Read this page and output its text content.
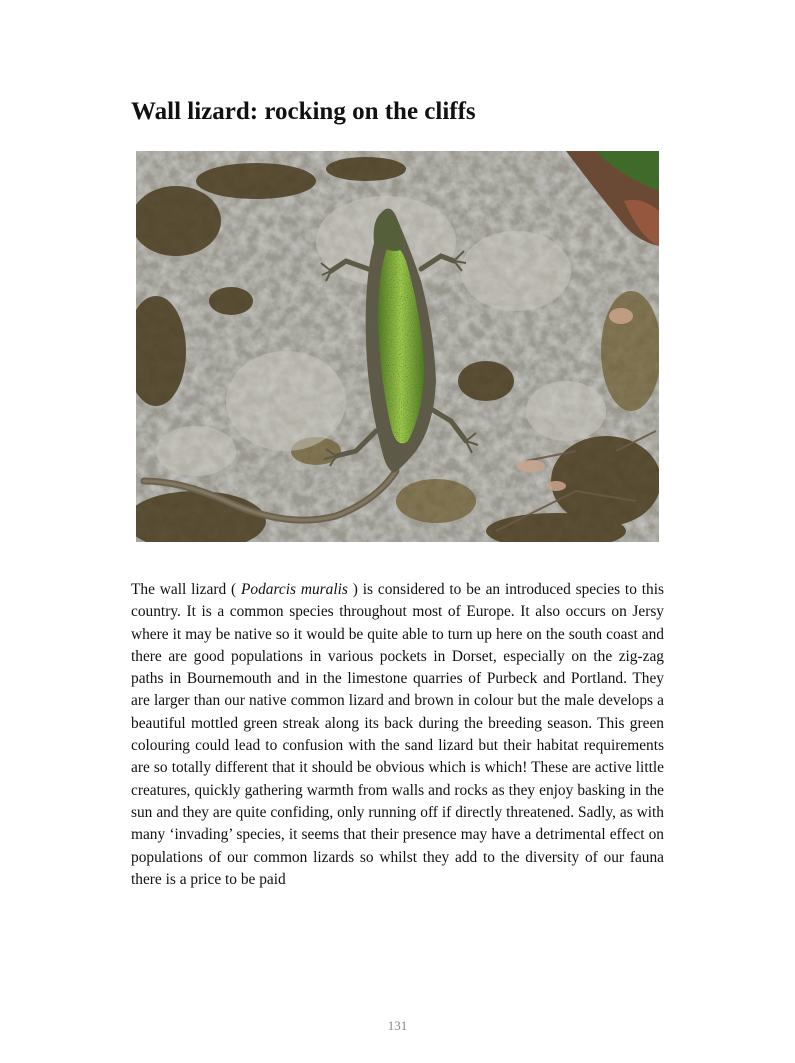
Wall lizard: rocking on the cliffs

The wall lizard ( Podarcis muralis ) is considered to be an introduced species to this country. It is a common species throughout most of Europe. It also occurs on Jersy where it may be native so it would be quite able to turn up here on the south coast and there are good populations in various pockets in Dorset, especially on the zig-zag paths in Bournemouth and in the limestone quarries of Purbeck and Portland. They are larger than our native common lizard and brown in colour but the male develops a beautiful mottled green streak along its back during the breeding season. This green colouring could lead to confusion with the sand lizard but their habitat requirements are so totally different that it should be obvious which is which! These are active little creatures, quickly gathering warmth from walls and rocks as they enjoy basking in the sun and they are quite confiding, only running off if directly threatened. Sadly, as with many ‘invading’ species, it seems that their presence may have a detrimental effect on populations of our common lizards so whilst they add to the diversity of our fauna there is a price to be paid

131
